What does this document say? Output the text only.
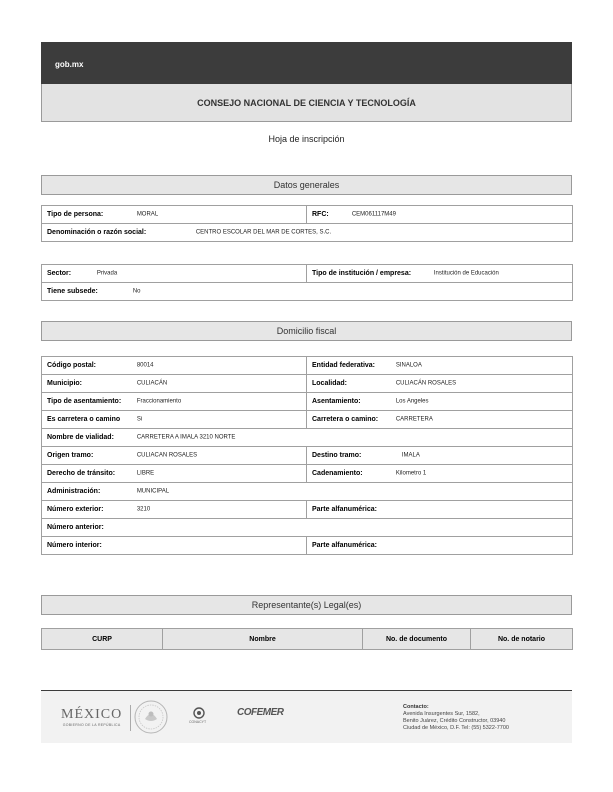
gob.mx
CONSEJO NACIONAL DE CIENCIA Y TECNOLOGÍA
Hoja de inscripción
Datos generales
Tipo de persona:	MORAL	RFC:	CEM061117M49
Denominación o razón social:	CENTRO ESCOLAR DEL MAR DE CORTES, S.C.
Sector:	Privada	Tipo de institución / empresa:	Institución de Educación
Tiene subsede:	No
Domicilio fiscal
Código postal: 80014	Entidad federativa: SINALOA
Municipio: CULIACÁN	Localidad: CULIACÁN ROSALES
Tipo de asentamiento: Fraccionamiento	Asentamiento: Los Angeles
Es carretera o camino Si	Carretera o camino: CARRETERA
Nombre de vialidad: CARRETERA A IMALA 3210 NORTE	
Origen tramo: CULIACAN ROSALES	Destino tramo: IMALA
Derecho de tránsito: LIBRE	Cadenamiento: Kilometro 1
Administración: MUNICIPAL	
Número exterior: 3210	Parte alfanumérica:
Número anterior:	
Número interior:	Parte alfanumérica:
Representante(s) Legal(es)
CURP	Nombre	No. de documento	No. de notario
MÉXICO
GOBIERNO DE LA REPÚBLICA
CONACYT
COFEMER	Contacto:
Avenida Insurgentes Sur, 1582,
Benito Juárez, Crédito Constructor, 03940
Ciudad de México, D.F. Tel: (55) 5322-7700
